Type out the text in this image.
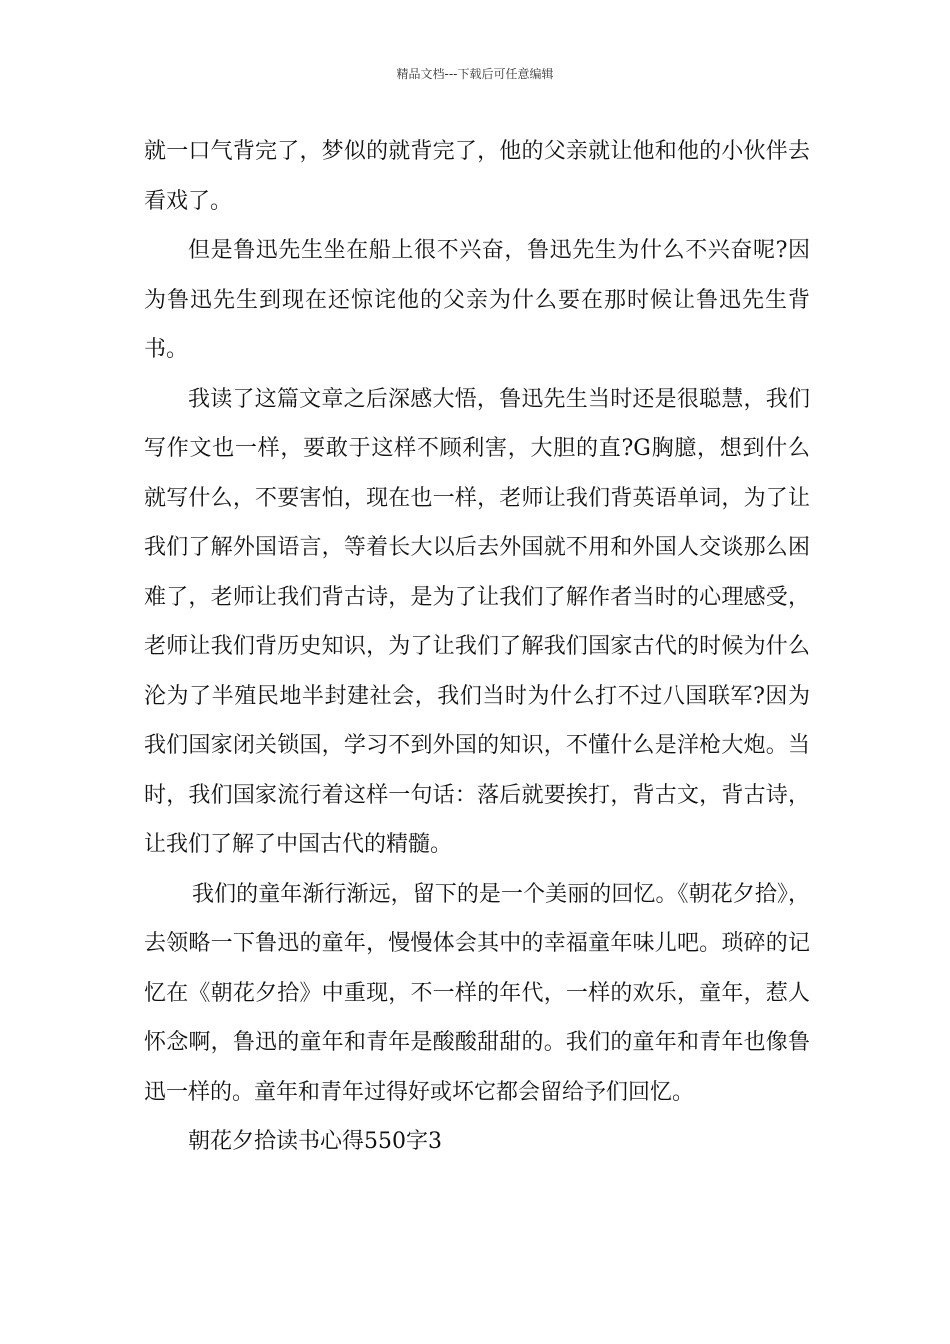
精品文档---下载后可任意编辑

就一口气背完了，梦似的就背完了，他的父亲就让他和他的小伙伴去看戏了。

但是鲁迅先生坐在船上很不兴奋，鲁迅先生为什么不兴奋呢?因为鲁迅先生到现在还惊诧他的父亲为什么要在那时候让鲁迅先生背书。

我读了这篇文章之后深感大悟，鲁迅先生当时还是很聪慧，我们写作文也一样，要敢于这样不顾利害，大胆的直?G胸臆，想到什么就写什么，不要害怕，现在也一样，老师让我们背英语单词，为了让我们了解外国语言，等着长大以后去外国就不用和外国人交谈那么困难了，老师让我们背古诗，是为了让我们了解作者当时的心理感受，老师让我们背历史知识，为了让我们了解我们国家古代的时候为什么沦为了半殖民地半封建社会，我们当时为什么打不过八国联军?因为我们国家闭关锁国，学习不到外国的知识，不懂什么是洋枪大炮。当时，我们国家流行着这样一句话：落后就要挨打，背古文，背古诗，让我们了解了中国古代的精髓。

我们的童年渐行渐远，留下的是一个美丽的回忆。《朝花夕拾》，去领略一下鲁迅的童年，慢慢体会其中的幸福童年味儿吧。琐碎的记忆在《朝花夕拾》中重现，不一样的年代，一样的欢乐，童年，惹人怀念啊，鲁迅的童年和青年是酸酸甜甜的。我们的童年和青年也像鲁迅一样的。童年和青年过得好或坏它都会留给予们回忆。

朝花夕拾读书心得550字3
